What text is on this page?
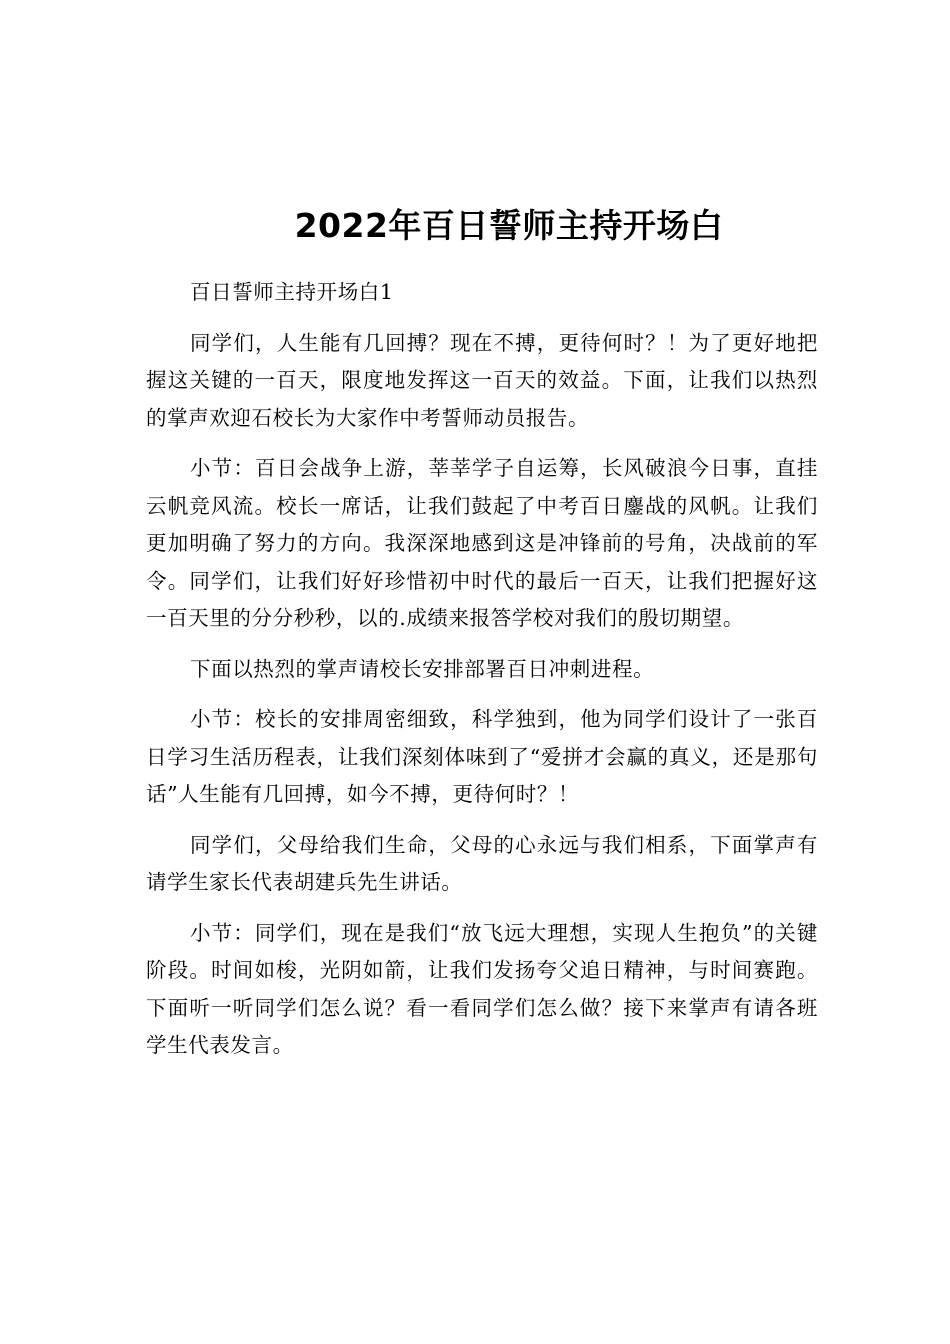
2022年百日誓师主持开场白

百日誓师主持开场白1

同学们，人生能有几回搏？现在不搏，更待何时？！为了更好地把握这关键的一百天，限度地发挥这一百天的效益。下面，让我们以热烈的掌声欢迎石校长为大家作中考誓师动员报告。

小节：百日会战争上游，莘莘学子自运筹，长风破浪今日事，直挂云帆竞风流。校长一席话，让我们鼓起了中考百日鏖战的风帆。让我们更加明确了努力的方向。我深深地感到这是冲锋前的号角，决战前的军令。同学们，让我们好好珍惜初中时代的最后一百天，让我们把握好这一百天里的分分秒秒，以的.成绩来报答学校对我们的殷切期望。

下面以热烈的掌声请校长安排部署百日冲刺进程。

小节：校长的安排周密细致，科学独到，他为同学们设计了一张百日学习生活历程表，让我们深刻体味到了“爱拼才会赢的真义，还是那句话”人生能有几回搏，如今不搏，更待何时？！

同学们，父母给我们生命，父母的心永远与我们相系，下面掌声有请学生家长代表胡建兵先生讲话。

小节：同学们，现在是我们“放飞远大理想，实现人生抱负”的关键阶段。时间如梭，光阴如箭，让我们发扬夸父追日精神，与时间赛跑。下面听一听同学们怎么说？看一看同学们怎么做？接下来掌声有请各班学生代表发言。
